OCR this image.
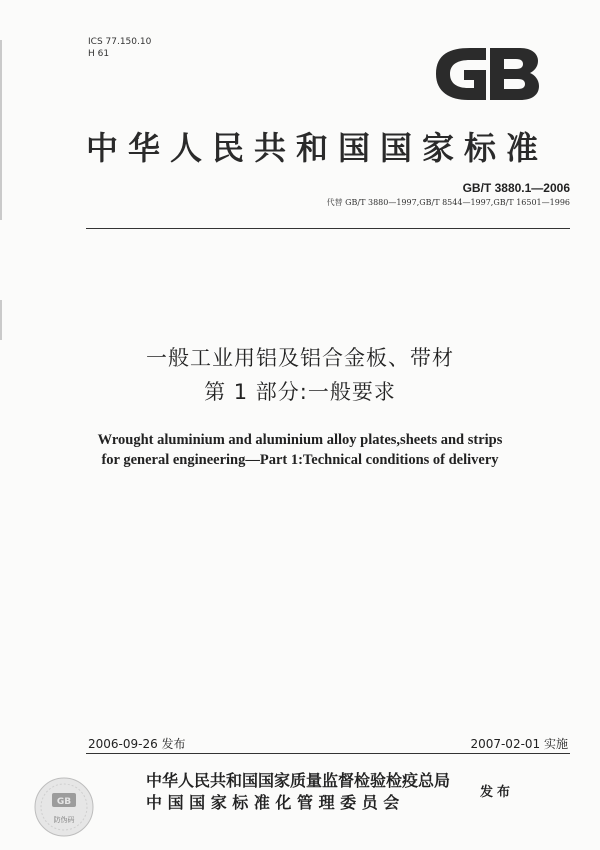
ICS 77.150.10
H 61
中华人民共和国国家标准
GB/T 3880.1—2006
代替 GB/T 3880—1997,GB/T 8544—1997,GB/T 16501—1996
一般工业用铝及铝合金板、带材
第 1 部分:一般要求
Wrought aluminium and aluminium alloy plates,sheets and strips
for general engineering—Part 1:Technical conditions of delivery
2006-09-26 发布	2007-02-01 实施
中华人民共和国国家质量监督检验检疫总局
中 国 国 家 标 准 化 管 理 委 员 会
发布
GB
防伪码
